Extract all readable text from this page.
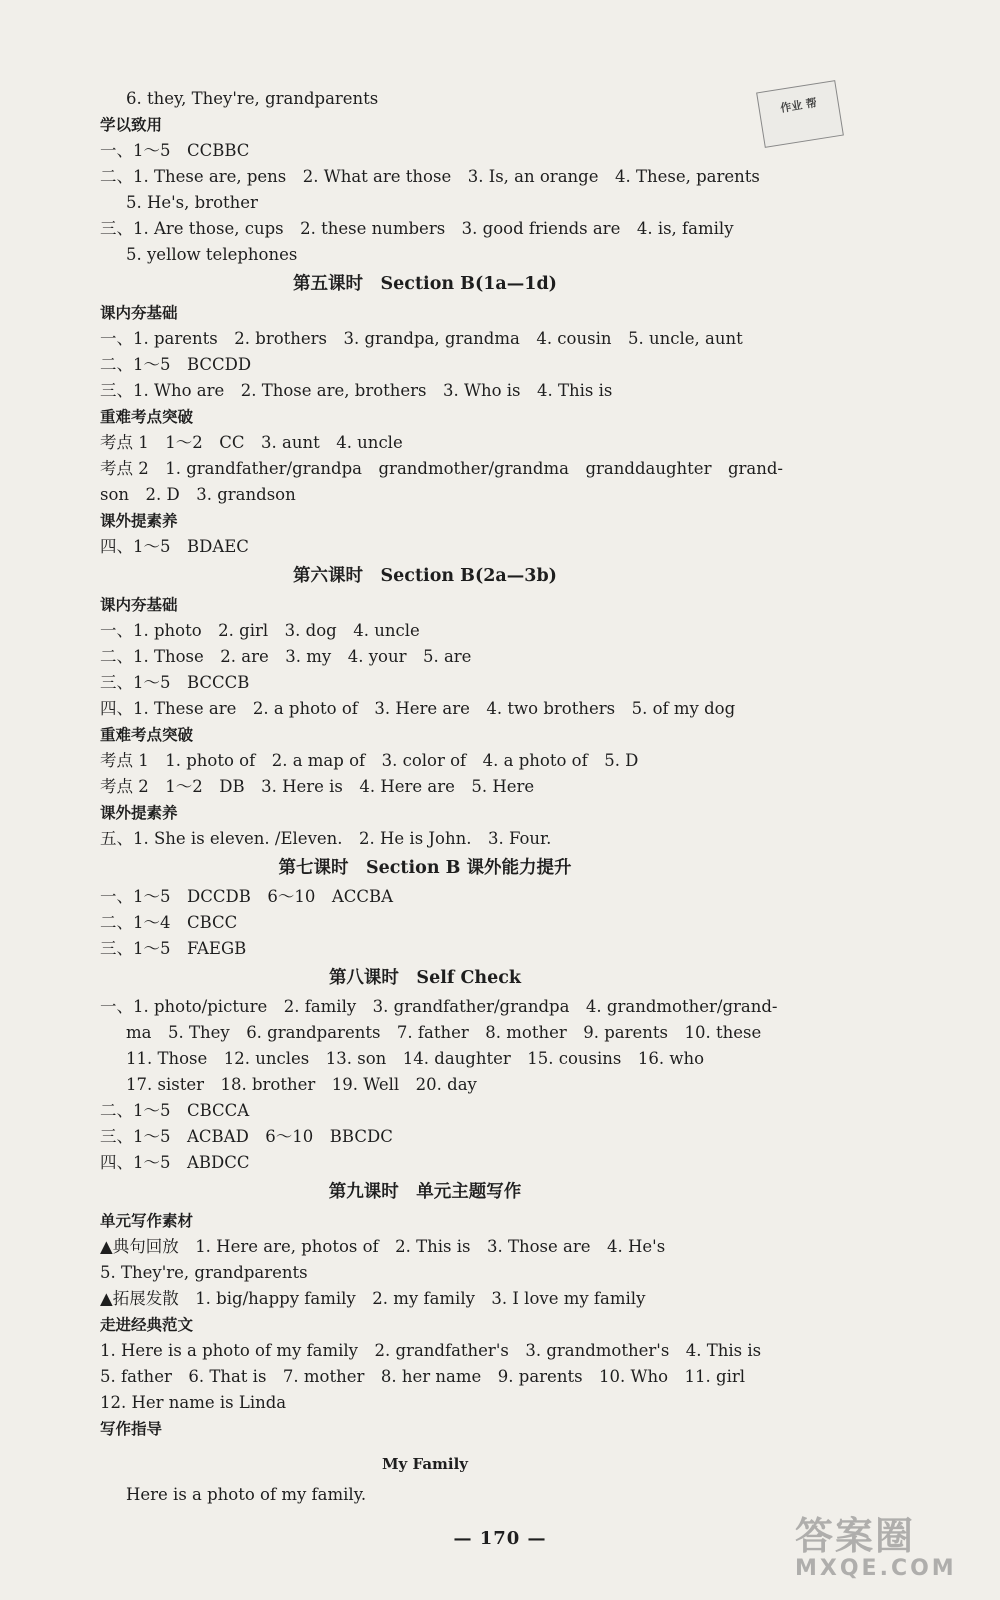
作业 帮
6. they, They're, grandparents
学以致用
一、1～5　CCBBC
二、1. These are, pens　2. What are those　3. Is, an orange　4. These, parents
5. He's, brother
三、1. Are those, cups　2. these numbers　3. good friends are　4. is, family
5. yellow telephones
第五课时　Section B(1a—1d)
课内夯基础
一、1. parents　2. brothers　3. grandpa, grandma　4. cousin　5. uncle, aunt
二、1～5　BCCDD
三、1. Who are　2. Those are, brothers　3. Who is　4. This is
重难考点突破
考点 1　1～2　CC　3. aunt　4. uncle
考点 2　1. grandfather/grandpa　grandmother/grandma　granddaughter　grand-
son　2. D　3. grandson
课外提素养
四、1～5　BDAEC
第六课时　Section B(2a—3b)
课内夯基础
一、1. photo　2. girl　3. dog　4. uncle
二、1. Those　2. are　3. my　4. your　5. are
三、1～5　BCCCB
四、1. These are　2. a photo of　3. Here are　4. two brothers　5. of my dog
重难考点突破
考点 1　1. photo of　2. a map of　3. color of　4. a photo of　5. D
考点 2　1～2　DB　3. Here is　4. Here are　5. Here
课外提素养
五、1. She is eleven. /Eleven.　2. He is John.　3. Four.
第七课时　Section B 课外能力提升
一、1～5　DCCDB　6～10　ACCBA
二、1～4　CBCC
三、1～5　FAEGB
第八课时　Self Check
一、1. photo/picture　2. family　3. grandfather/grandpa　4. grandmother/grand-
ma　5. They　6. grandparents　7. father　8. mother　9. parents　10. these
11. Those　12. uncles　13. son　14. daughter　15. cousins　16. who
17. sister　18. brother　19. Well　20. day
二、1～5　CBCCA
三、1～5　ACBAD　6～10　BBCDC
四、1～5　ABDCC
第九课时　单元主题写作
单元写作素材
▲典句回放　1. Here are, photos of　2. This is　3. Those are　4. He's
5. They're, grandparents
▲拓展发散　1. big/happy family　2. my family　3. I love my family
走进经典范文
1. Here is a photo of my family　2. grandfather's　3. grandmother's　4. This is
5. father　6. That is　7. mother　8. her name　9. parents　10. Who　11. girl
12. Her name is Linda
写作指导
My Family
Here is a photo of my family.
— 170 —	答案圈
MXQE.COM
